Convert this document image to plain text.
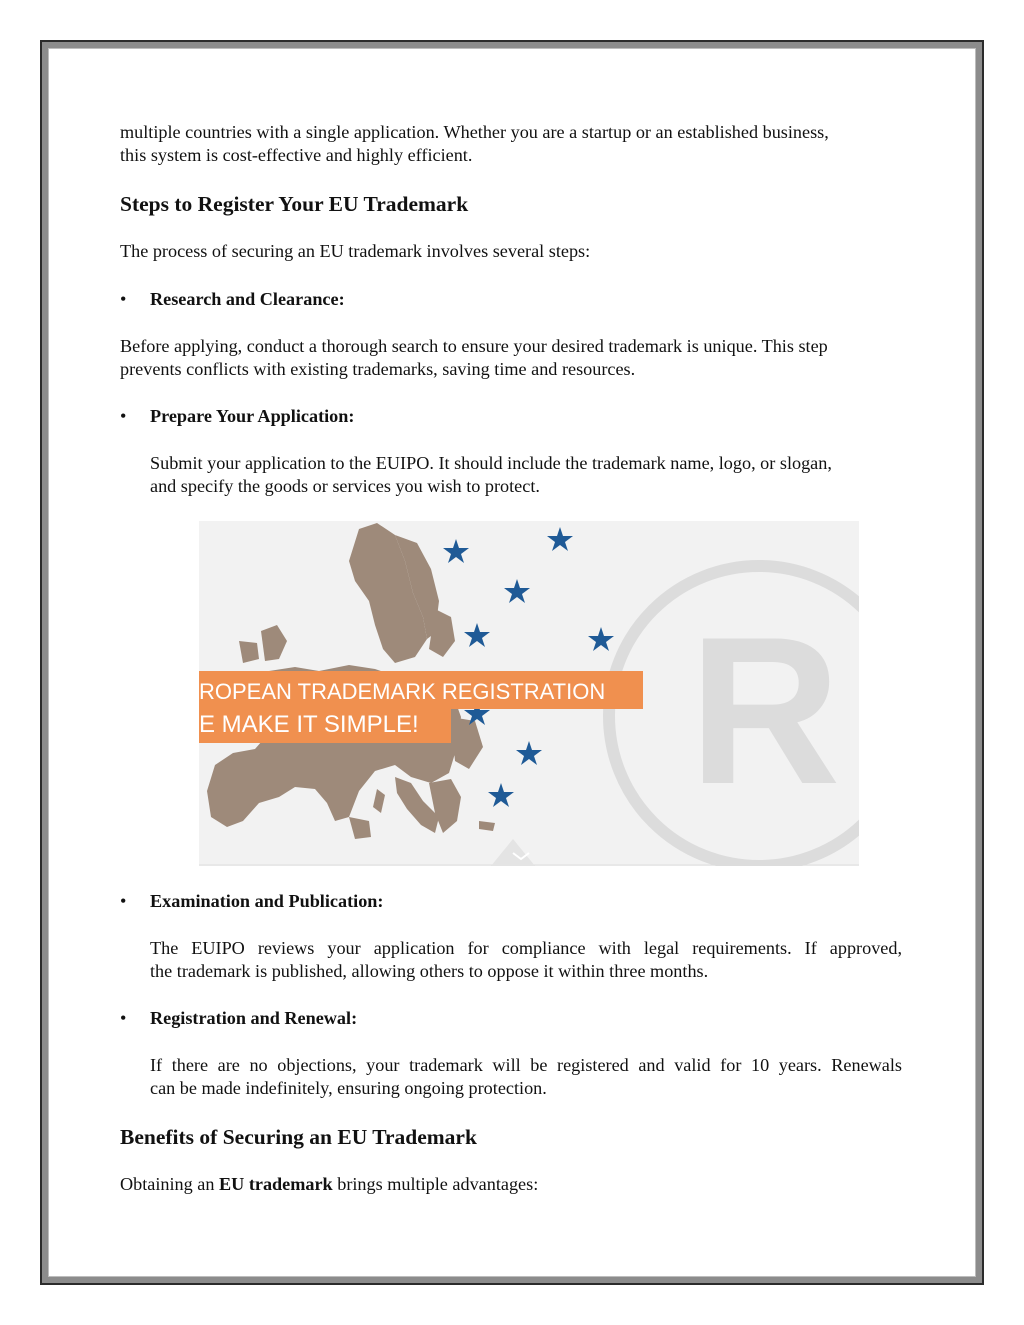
multiple countries with a single application. Whether you are a startup or an established business,

this system is cost-effective and highly efficient.

Steps to Register Your EU Trademark

The process of securing an EU trademark involves several steps:

• Research and Clearance:

Before applying, conduct a thorough search to ensure your desired trademark is unique. This step

prevents conflicts with existing trademarks, saving time and resources.

• Prepare Your Application:

Submit your application to the EUIPO. It should include the trademark name, logo, or slogan,

and specify the goods or services you wish to protect.

• Examination and Publication:

The EUIPO reviews your application for compliance with legal requirements. If approved,

the trademark is published, allowing others to oppose it within three months.

• Registration and Renewal:

If there are no objections, your trademark will be registered and valid for 10 years. Renewals

can be made indefinitely, ensuring ongoing protection.

Benefits of Securing an EU Trademark

Obtaining an EU trademark brings multiple advantages:

R
ROPEAN TRADEMARK REGISTRATION
E MAKE IT SIMPLE!
